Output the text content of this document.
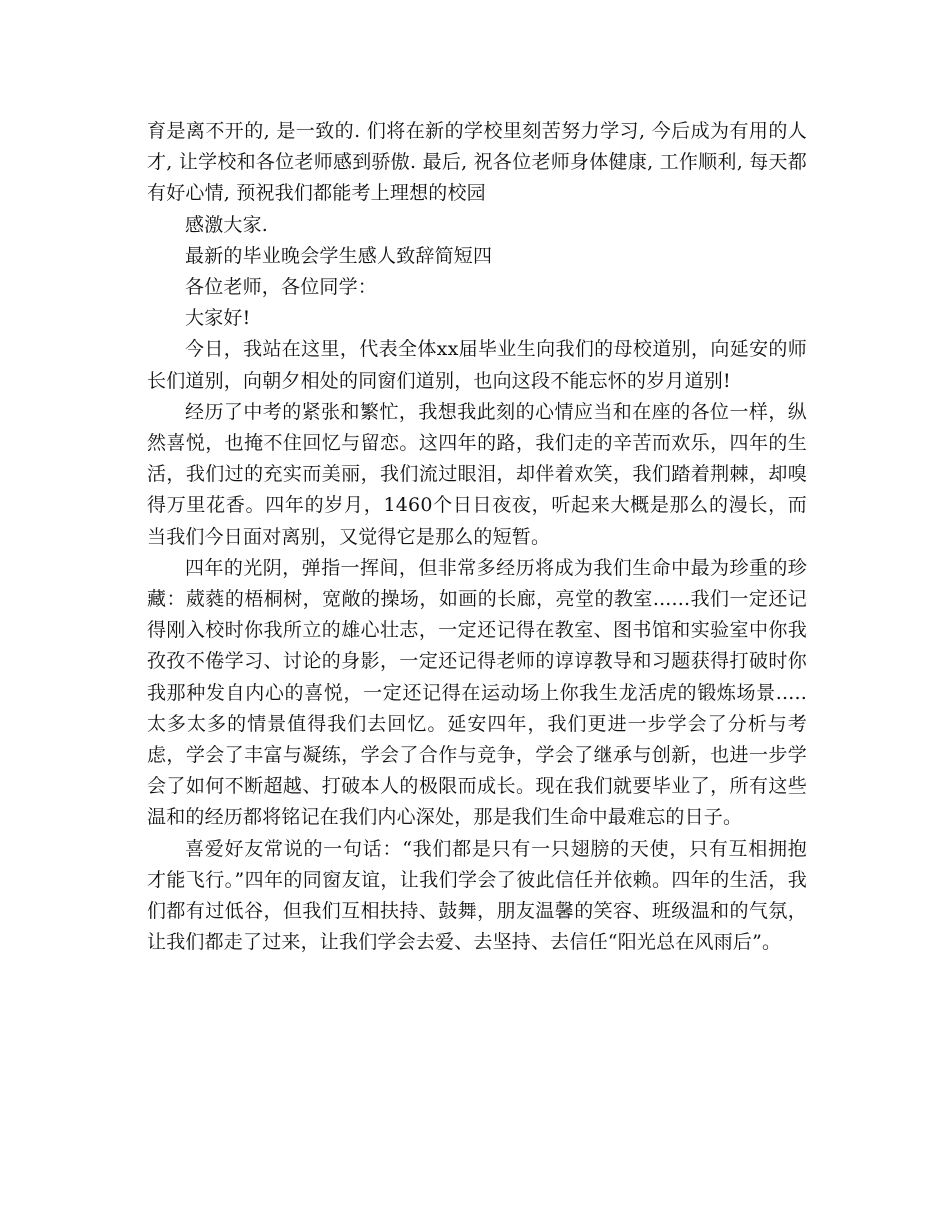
育是离不开的, 是一致的. 们将在新的学校里刻苦努力学习, 今后成为有用的人才, 让学校和各位老师感到骄傲. 最后, 祝各位老师身体健康, 工作顺利, 每天都有好心情, 预祝我们都能考上理想的校园

感激大家.

最新的毕业晚会学生感人致辞简短四

各位老师，各位同学：

大家好!

今日，我站在这里，代表全体xx届毕业生向我们的母校道别，向延安的师长们道别，向朝夕相处的同窗们道别，也向这段不能忘怀的岁月道别!

经历了中考的紧张和繁忙，我想我此刻的心情应当和在座的各位一样，纵然喜悦，也掩不住回忆与留恋。这四年的路，我们走的辛苦而欢乐，四年的生活，我们过的充实而美丽，我们流过眼泪，却伴着欢笑，我们踏着荆棘，却嗅得万里花香。四年的岁月，1460个日日夜夜，听起来大概是那么的漫长，而当我们今日面对离别，又觉得它是那么的短暂。

四年的光阴，弹指一挥间，但非常多经历将成为我们生命中最为珍重的珍藏：葳蕤的梧桐树，宽敞的操场，如画的长廊，亮堂的教室......我们一定还记得刚入校时你我所立的雄心壮志，一定还记得在教室、图书馆和实验室中你我孜孜不倦学习、讨论的身影，一定还记得老师的谆谆教导和习题获得打破时你我那种发自内心的喜悦，一定还记得在运动场上你我生龙活虎的锻炼场景.....太多太多的情景值得我们去回忆。延安四年，我们更进一步学会了分析与考虑，学会了丰富与凝练，学会了合作与竞争，学会了继承与创新，也进一步学会了如何不断超越、打破本人的极限而成长。现在我们就要毕业了，所有这些温和的经历都将铭记在我们内心深处，那是我们生命中最难忘的日子。

喜爱好友常说的一句话：“我们都是只有一只翅膀的天使，只有互相拥抱才能飞行。”四年的同窗友谊，让我们学会了彼此信任并依赖。四年的生活，我们都有过低谷，但我们互相扶持、鼓舞，朋友温馨的笑容、班级温和的气氛，让我们都走了过来，让我们学会去爱、去坚持、去信任“阳光总在风雨后”。
